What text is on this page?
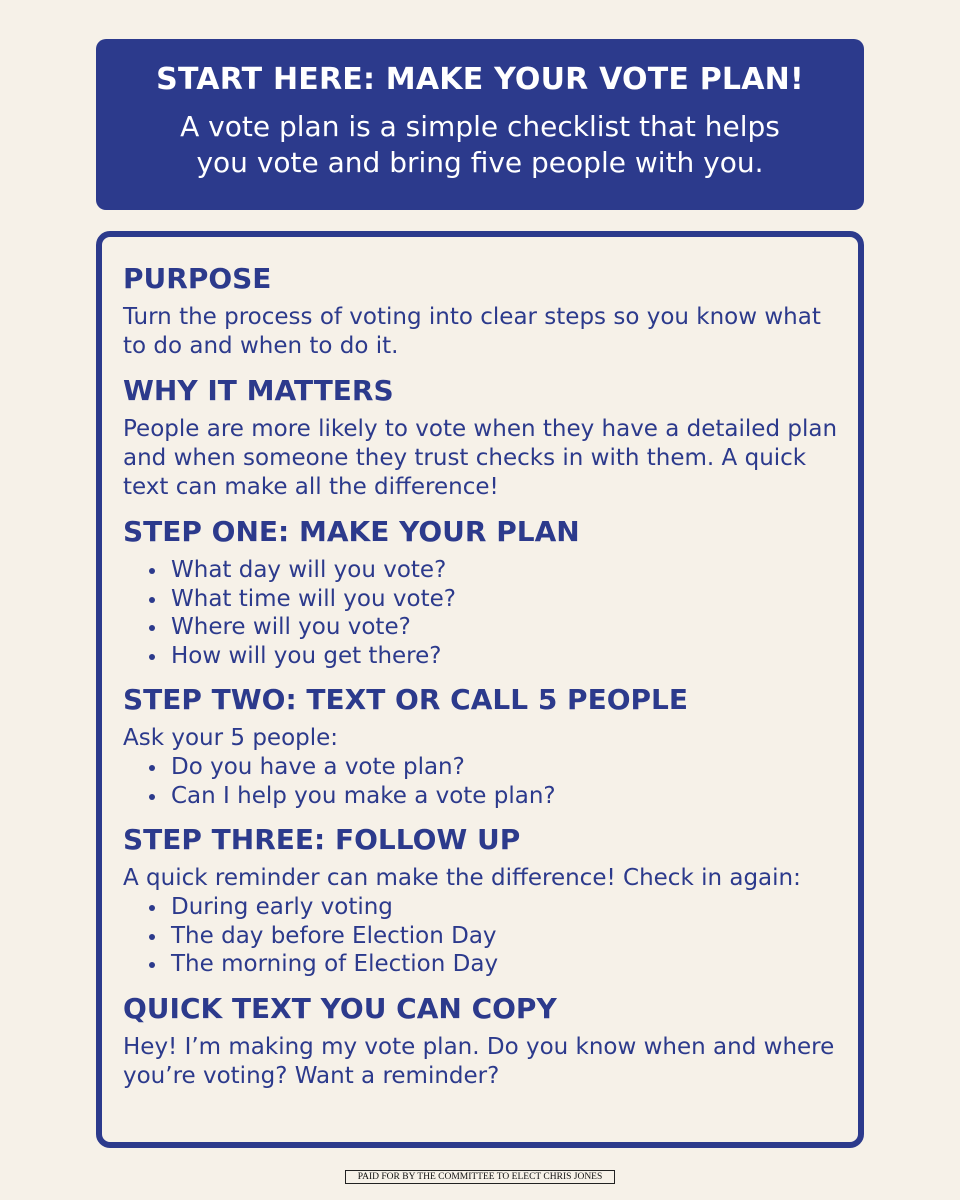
START HERE: MAKE YOUR VOTE PLAN!
A vote plan is a simple checklist that helps
you vote and bring five people with you.
PURPOSE

Turn the process of voting into clear steps so you know what to do and when to do it.

WHY IT MATTERS

People are more likely to vote when they have a detailed plan and when someone they trust checks in with them. A quick text can make all the difference!

STEP ONE: MAKE YOUR PLAN
What day will you vote?
What time will you vote?
Where will you vote?
How will you get there?
STEP TWO: TEXT OR CALL 5 PEOPLE

Ask your 5 people:

Do you have a vote plan?
Can I help you make a vote plan?
STEP THREE: FOLLOW UP

A quick reminder can make the difference! Check in again:

During early voting
The day before Election Day
The morning of Election Day
QUICK TEXT YOU CAN COPY

Hey! I’m making my vote plan. Do you know when and where you’re voting? Want a reminder?

PAID FOR BY THE COMMITTEE TO ELECT CHRIS JONES
